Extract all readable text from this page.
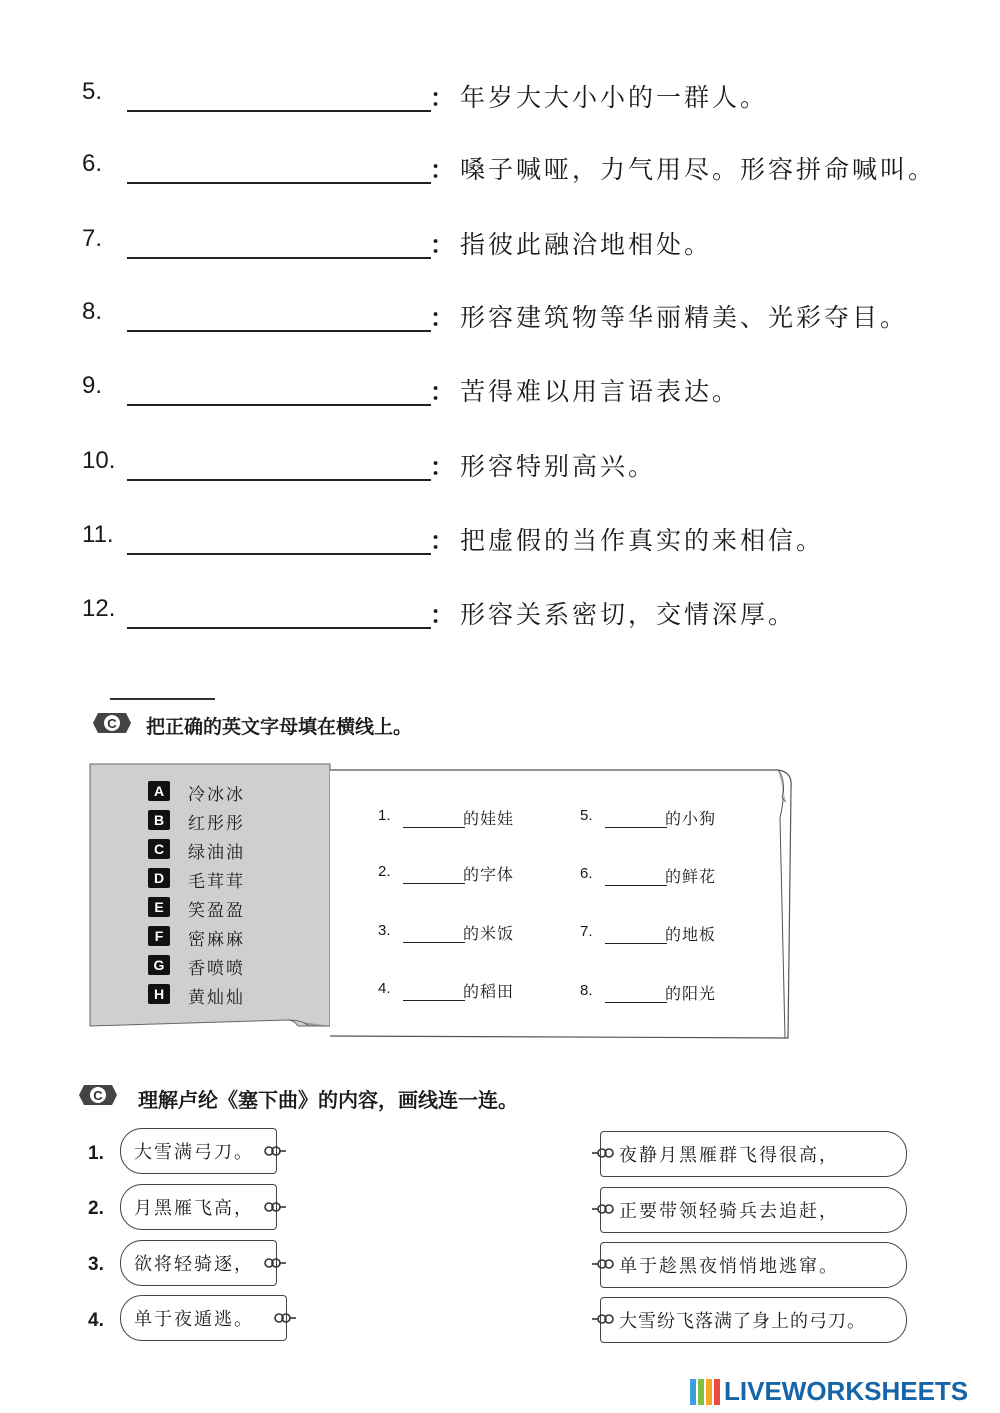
5.	： 年岁大大小小的一群人。
6.	： 嗓子喊哑，力气用尽。形容拼命喊叫。
7.	： 指彼此融洽地相处。
8.	： 形容建筑物等华丽精美、光彩夺目。
9.	： 苦得难以用言语表达。
10.	： 形容特别高兴。
11.	： 把虚假的当作真实的来相信。
12.	： 形容关系密切，交情深厚。
C 把正确的英文字母填在横线上。
A	冷冰冰
B	红彤彤
C	绿油油
D	毛茸茸
E	笑盈盈
F	密麻麻
G	香喷喷
H	黄灿灿
1.	的娃娃
2.	的字体
3.	的米饭
4.	的稻田
5.	的小狗
6.	的鲜花
7.	的地板
8.	的阳光
C 理解卢纶《塞下曲》的内容，画线连一连。
1. 大雪满弓刀。
2. 月黑雁飞高，
3. 欲将轻骑逐，
4. 单于夜遁逃。
夜静月黑雁群飞得很高，
正要带领轻骑兵去追赶，
单于趁黑夜悄悄地逃窜。
大雪纷飞落满了身上的弓刀。
LIVEWORKSHEETS
